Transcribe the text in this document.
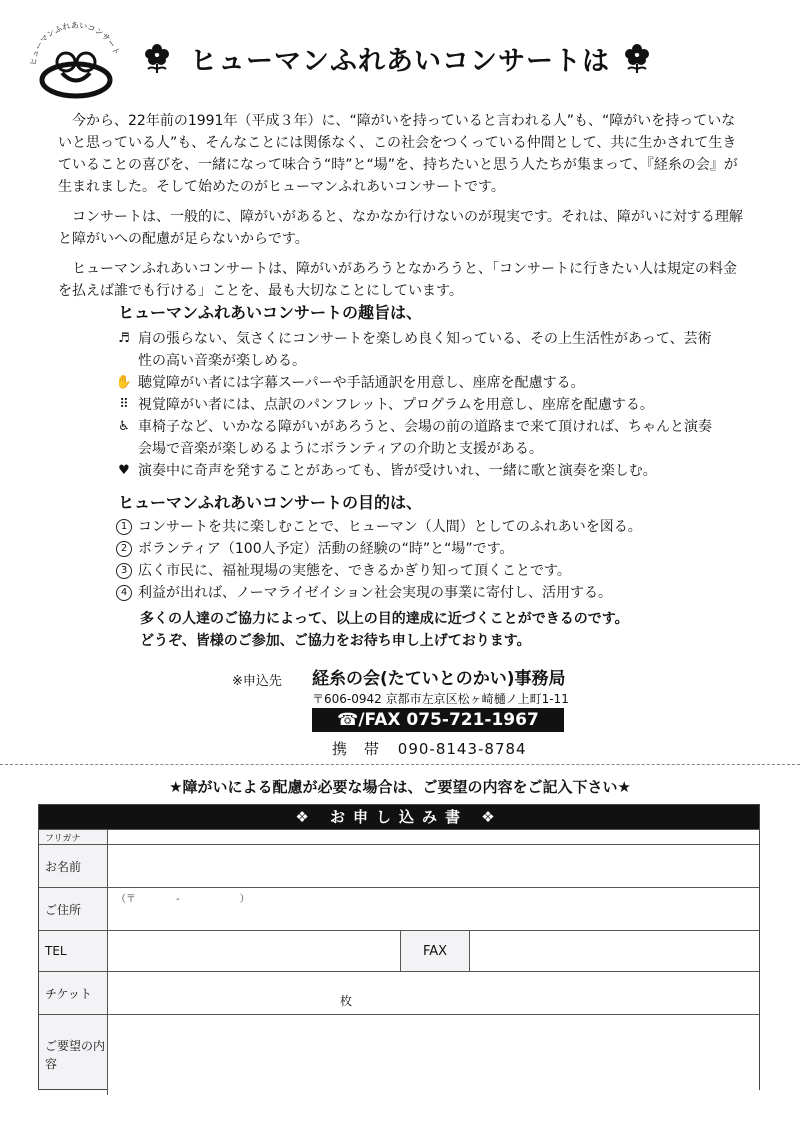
ヒューマンふれあいコンサート	ヒューマンふれあいコンサートは

今から、22年前の1991年（平成３年）に、“障がいを持っていると言われる人”も、“障がいを持っていないと思っている人”も、そんなことには関係なく、この社会をつくっている仲間として、共に生かされて生きていることの喜びを、一緒になって味合う“時”と“場”を、持ちたいと思う人たちが集まって、『経糸の会』が生まれました。そして始めたのがヒューマンふれあいコンサートです。

コンサートは、一般的に、障がいがあると、なかなか行けないのが現実です。それは、障がいに対する理解と障がいへの配慮が足らないからです。

ヒューマンふれあいコンサートは、障がいがあろうとなかろうと、「コンサートに行きたい人は規定の料金を払えば誰でも行ける」ことを、最も大切なことにしています。

ヒューマンふれあいコンサートの趣旨は、
♬ 肩の張らない、気さくにコンサートを楽しめ良く知っている、その上生活性があって、芸術性の高い音楽が楽しめる。
✋ 聴覚障がい者には字幕スーパーや手話通訳を用意し、座席を配慮する。
⠿ 視覚障がい者には、点訳のパンフレット、プログラムを用意し、座席を配慮する。
♿ 車椅子など、いかなる障がいがあろうと、会場の前の道路まで来て頂ければ、ちゃんと演奏会場で音楽が楽しめるようにボランティアの介助と支援がある。
♥ 演奏中に奇声を発することがあっても、皆が受けいれ、一緒に歌と演奏を楽しむ。
ヒューマンふれあいコンサートの目的は、
1 コンサートを共に楽しむことで、ヒューマン（人間）としてのふれあいを図る。
2 ボランティア（100人予定）活動の経験の“時”と“場”です。
3 広く市民に、福祉現場の実態を、できるかぎり知って頂くことです。
4 利益が出れば、ノーマライゼイション社会実現の事業に寄付し、活用する。
多くの人達のご協力によって、以上の目的達成に近づくことができるのです。
どうぞ、皆様のご参加、ご協力をお待ち申し上げております。
※申込先 経糸の会(たていとのかい)事務局
〒606-0942 京都市左京区松ヶ崎樋ノ上町1-11
☎/FAX 075-721-1967
携　帯 090-8143-8784
★障がいによる配慮が必要な場合は、ご要望の内容をご記入下さい★
❖ お申し込み書 ❖
フリガナ
お名前
ご住所
（〒　　　　-　　　　　　）
TEL	FAX
チケット
枚
ご要望の内容
